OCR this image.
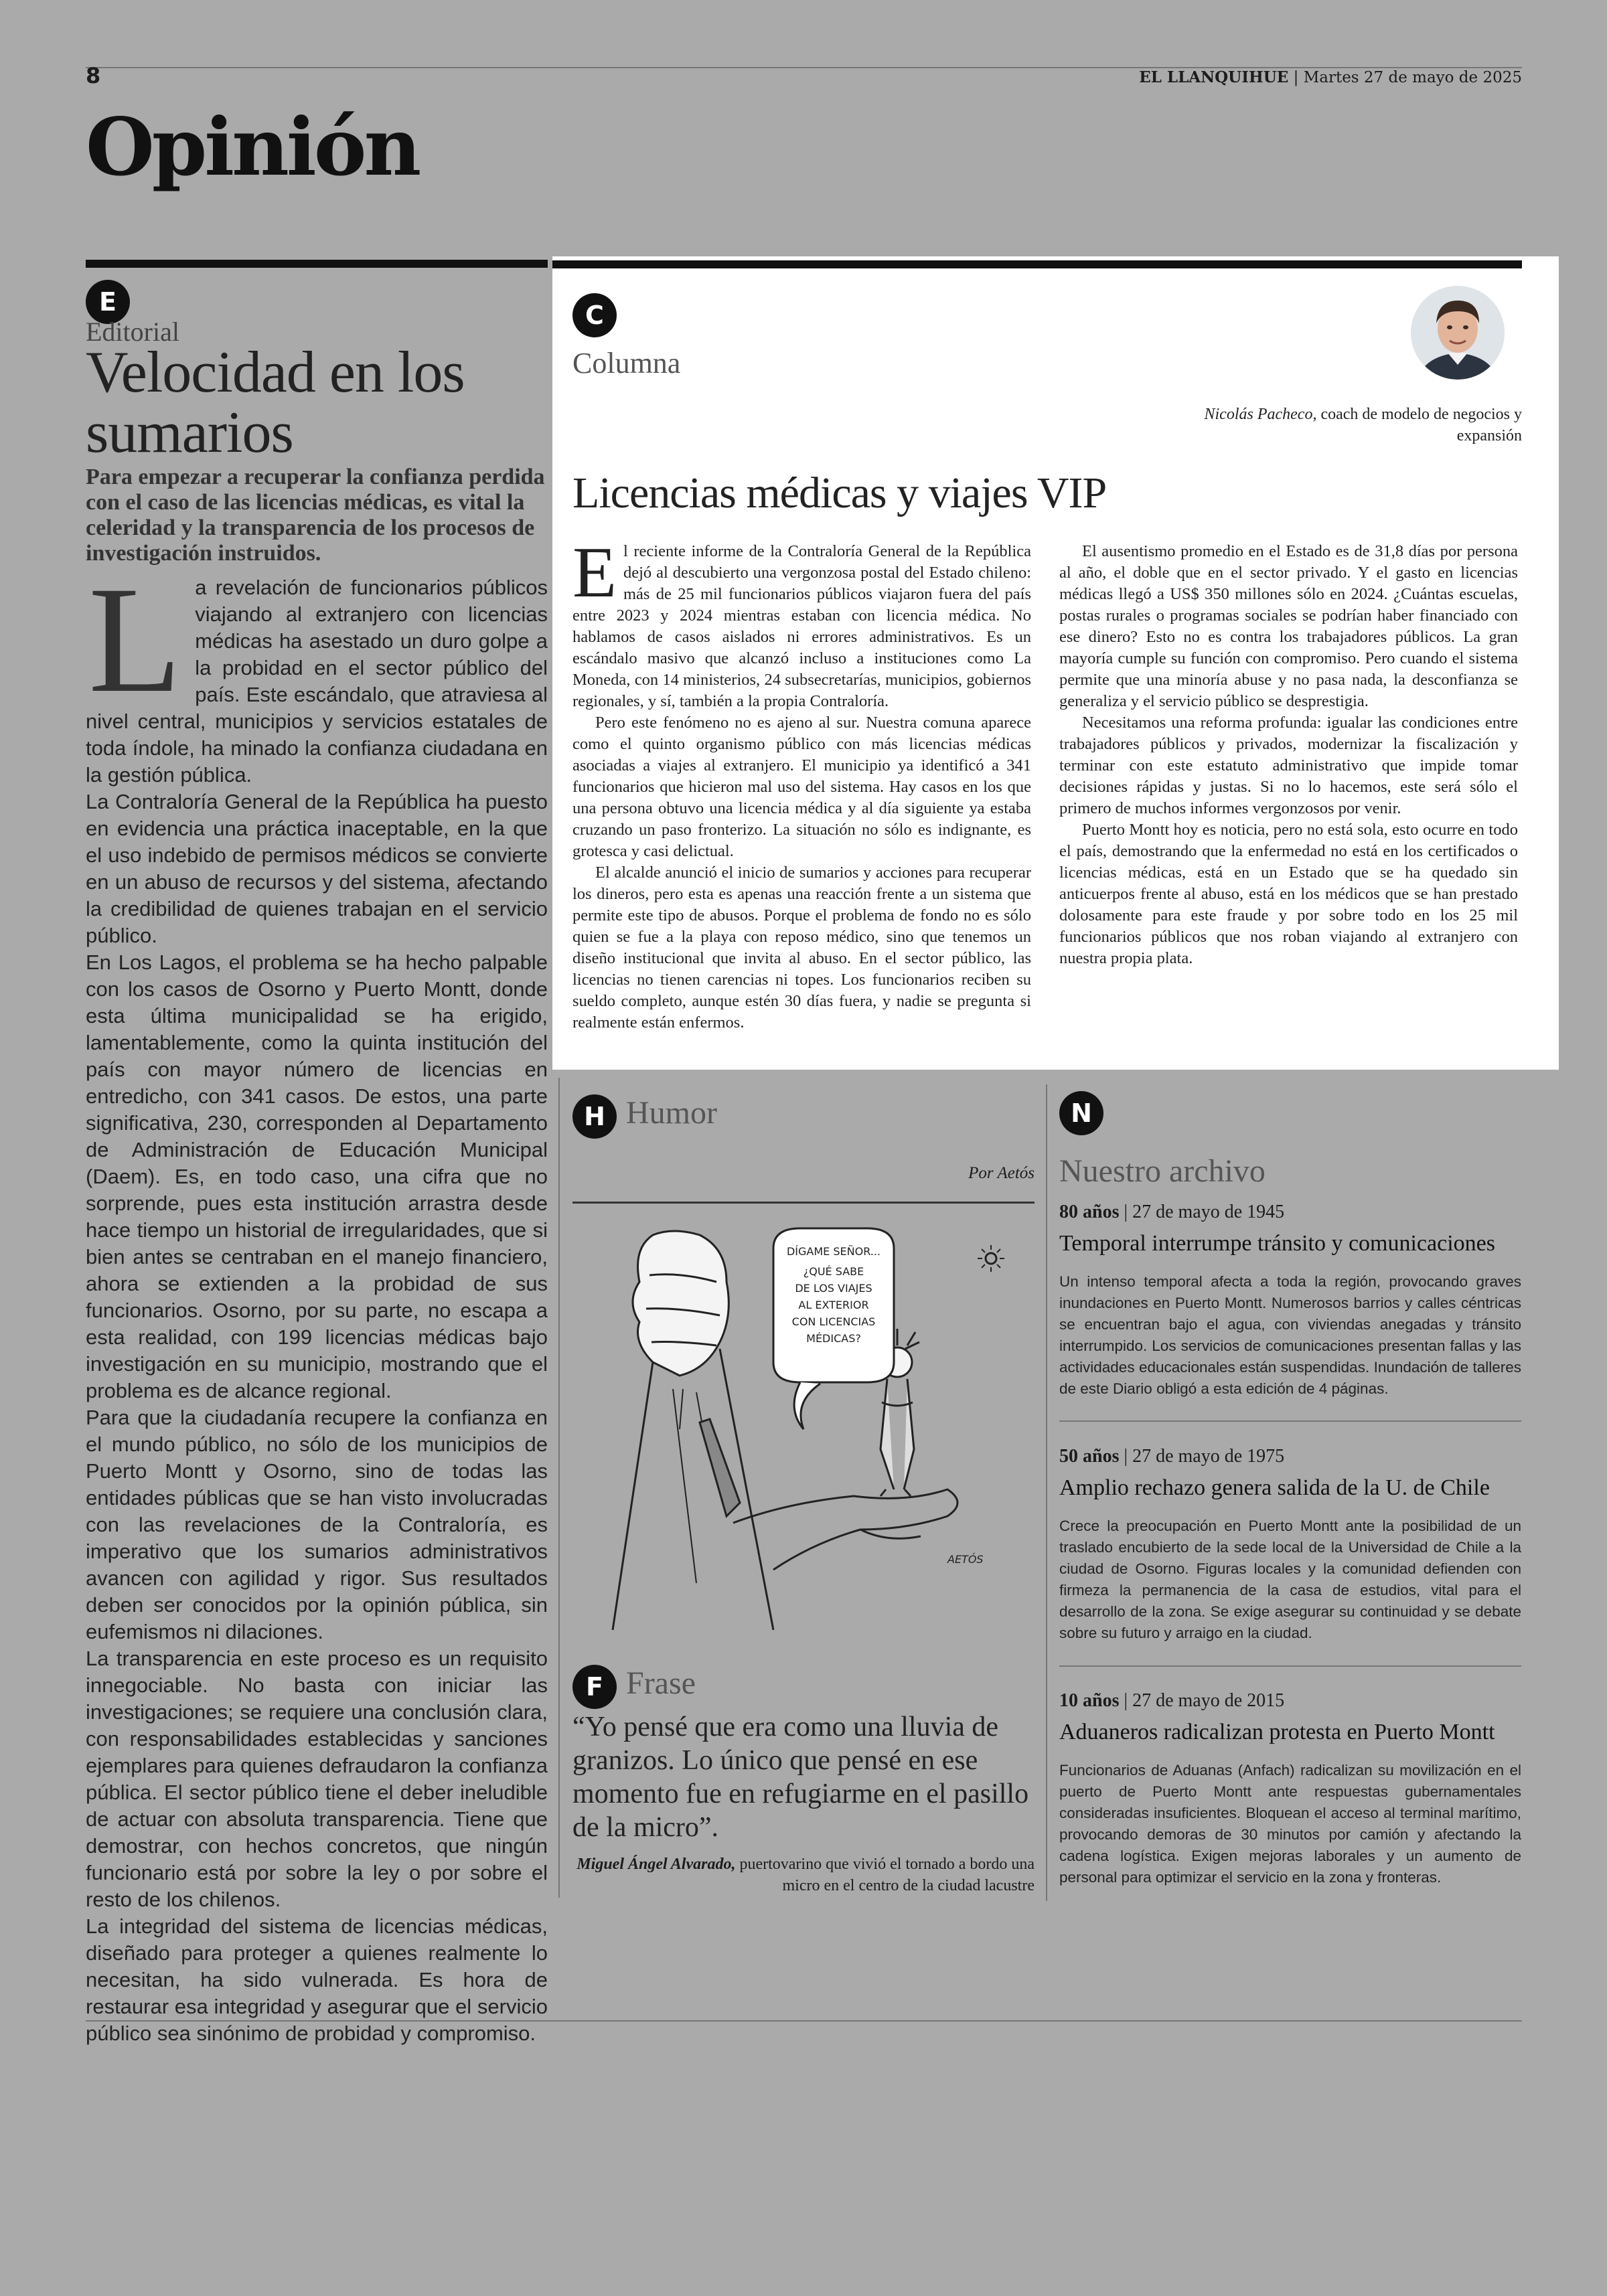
8	EL LLANQUIHUE | Martes 27 de mayo de 2025
Opinión
E
Editorial
Velocidad en los sumarios
Para empezar a recuperar la confianza perdida con el caso de las licencias médicas, es vital la celeridad y la transparencia de los procesos de investigación instruidos.

La revelación de funcionarios públicos viajando al extranjero con licencias médicas ha asestado un duro golpe a la probidad en el sector público del país. Este escándalo, que atraviesa al nivel central, municipios y servicios estatales de toda índole, ha minado la confianza ciudadana en la gestión pública.

La Contraloría General de la República ha puesto en evidencia una práctica inaceptable, en la que el uso indebido de permisos médicos se convierte en un abuso de recursos y del sistema, afectando la credibilidad de quienes trabajan en el servicio público.

En Los Lagos, el problema se ha hecho palpable con los casos de Osorno y Puerto Montt, donde esta última municipalidad se ha erigido, lamentablemente, como la quinta institución del país con mayor número de licencias en entredicho, con 341 casos. De estos, una parte significativa, 230, corresponden al Departamento de Administración de Educación Municipal (Daem). Es, en todo caso, una cifra que no sorprende, pues esta institución arrastra desde hace tiempo un historial de irregularidades, que si bien antes se centraban en el manejo financiero, ahora se extienden a la probidad de sus funcionarios. Osorno, por su parte, no escapa a esta realidad, con 199 licencias médicas bajo investigación en su municipio, mostrando que el problema es de alcance regional.

Para que la ciudadanía recupere la confianza en el mundo público, no sólo de los municipios de Puerto Montt y Osorno, sino de todas las entidades públicas que se han visto involucradas con las revelaciones de la Contraloría, es imperativo que los sumarios administrativos avancen con agilidad y rigor. Sus resultados deben ser conocidos por la opinión pública, sin eufemismos ni dilaciones.

La transparencia en este proceso es un requisito innegociable. No basta con iniciar las investigaciones; se requiere una conclusión clara, con responsabilidades establecidas y sanciones ejemplares para quienes defraudaron la confianza pública. El sector público tiene el deber ineludible de actuar con absoluta transparencia. Tiene que demostrar, con hechos concretos, que ningún funcionario está por sobre la ley o por sobre el resto de los chilenos.

La integridad del sistema de licencias médicas, diseñado para proteger a quienes realmente lo necesitan, ha sido vulnerada. Es hora de restaurar esa integridad y asegurar que el servicio público sea sinónimo de probidad y compromiso.

C
Columna
Nicolás Pacheco, coach de modelo de negocios y expansión
Licencias médicas y viajes VIP

El reciente informe de la Contraloría General de la República dejó al descubierto una vergonzosa postal del Estado chileno: más de 25 mil funcionarios públicos viajaron fuera del país entre 2023 y 2024 mientras estaban con licencia médica. No hablamos de casos aislados ni errores administrativos. Es un escándalo masivo que alcanzó incluso a instituciones como La Moneda, con 14 ministerios, 24 subsecretarías, municipios, gobiernos regionales, y sí, también a la propia Contraloría.

Pero este fenómeno no es ajeno al sur. Nuestra comuna aparece como el quinto organismo público con más licencias médicas asociadas a viajes al extranjero. El municipio ya identificó a 341 funcionarios que hicieron mal uso del sistema. Hay casos en los que una persona obtuvo una licencia médica y al día siguiente ya estaba cruzando un paso fronterizo. La situación no sólo es indignante, es grotesca y casi delictual.

El alcalde anunció el inicio de sumarios y acciones para recuperar los dineros, pero esta es apenas una reacción frente a un sistema que permite este tipo de abusos. Porque el problema de fondo no es sólo quien se fue a la playa con reposo médico, sino que tenemos un diseño institucional que invita al abuso. En el sector público, las licencias no tienen carencias ni topes. Los funcionarios reciben su sueldo completo, aunque estén 30 días fuera, y nadie se pregunta si realmente están enfermos.

El ausentismo promedio en el Estado es de 31,8 días por persona al año, el doble que en el sector privado. Y el gasto en licencias médicas llegó a US$ 350 millones sólo en 2024. ¿Cuántas escuelas, postas rurales o programas sociales se podrían haber financiado con ese dinero? Esto no es contra los trabajadores públicos. La gran mayoría cumple su función con compromiso. Pero cuando el sistema permite que una minoría abuse y no pasa nada, la desconfianza se generaliza y el servicio público se desprestigia.

Necesitamos una reforma profunda: igualar las condiciones entre trabajadores públicos y privados, modernizar la fiscalización y terminar con este estatuto administrativo que impide tomar decisiones rápidas y justas. Si no lo hacemos, este será sólo el primero de muchos informes vergonzosos por venir.

Puerto Montt hoy es noticia, pero no está sola, esto ocurre en todo el país, demostrando que la enfermedad no está en los certificados o licencias médicas, está en un Estado que se ha quedado sin anticuerpos frente al abuso, está en los médicos que se han prestado dolosamente para este fraude y por sobre todo en los 25 mil funcionarios públicos que nos roban viajando al extranjero con nuestra propia plata.

H Humor
Por Aetós
DÍGAME SEÑOR...
¿QUÉ SABE
DE LOS VIAJES
AL EXTERIOR
CON LICENCIAS
MÉDICAS?
AETÓS
F Frase
“Yo pensé que era como una lluvia de granizos. Lo único que pensé en ese momento fue en refugiarme en el pasillo de la micro”.
Miguel Ángel Alvarado, puertovarino que vivió el tornado a bordo una micro en el centro de la ciudad lacustre
N
Nuestro archivo
80 años | 27 de mayo de 1945
Temporal interrumpe tránsito y comunicaciones
Un intenso temporal afecta a toda la región, provocando graves inundaciones en Puerto Montt. Numerosos barrios y calles céntricas se encuentran bajo el agua, con viviendas anegadas y tránsito interrumpido. Los servicios de comunicaciones presentan fallas y las actividades educacionales están suspendidas. Inundación de talleres de este Diario obligó a esta edición de 4 páginas.
50 años | 27 de mayo de 1975
Amplio rechazo genera salida de la U. de Chile
Crece la preocupación en Puerto Montt ante la posibilidad de un traslado encubierto de la sede local de la Universidad de Chile a la ciudad de Osorno. Figuras locales y la comunidad defienden con firmeza la permanencia de la casa de estudios, vital para el desarrollo de la zona. Se exige asegurar su continuidad y se debate sobre su futuro y arraigo en la ciudad.
10 años | 27 de mayo de 2015
Aduaneros radicalizan protesta en Puerto Montt
Funcionarios de Aduanas (Anfach) radicalizan su movilización en el puerto de Puerto Montt ante respuestas gubernamentales consideradas insuficientes. Bloquean el acceso al terminal marítimo, provocando demoras de 30 minutos por camión y afectando la cadena logística. Exigen mejoras laborales y un aumento de personal para optimizar el servicio en la zona y fronteras.
